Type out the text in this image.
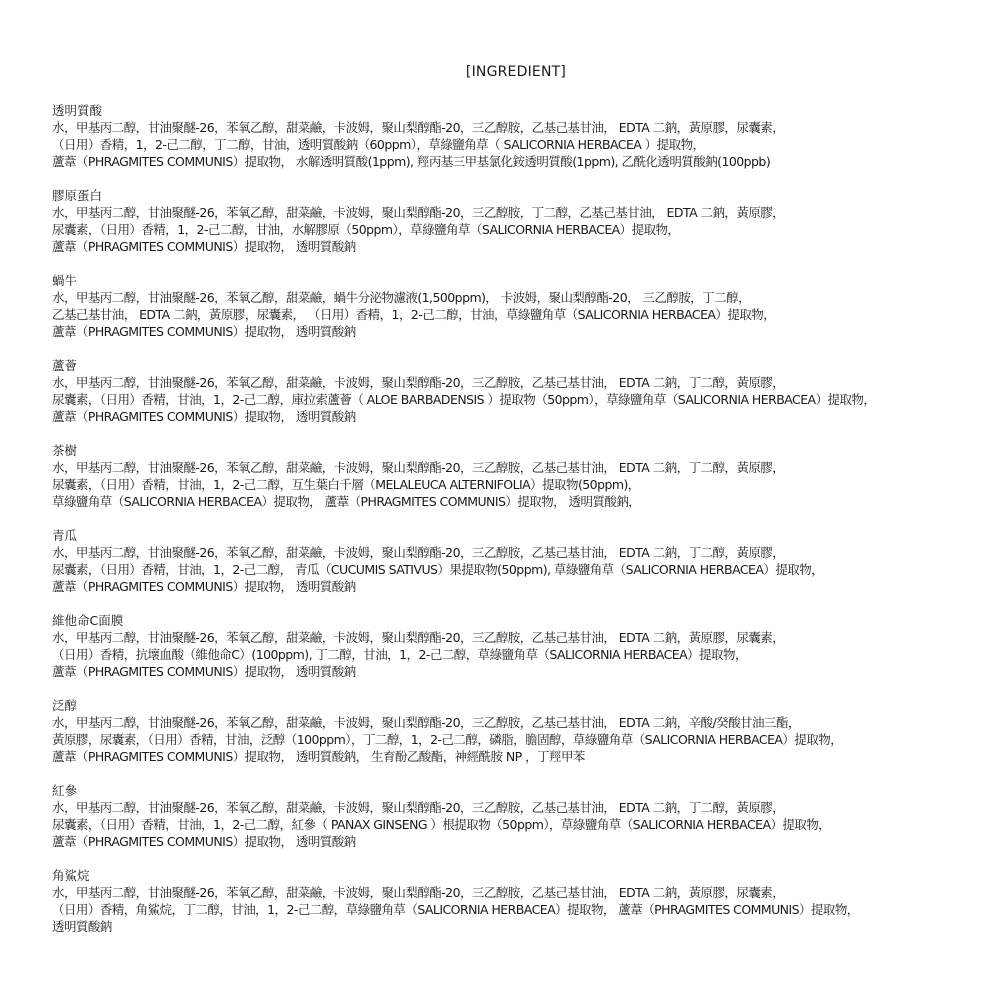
[INGREDIENT]
透明質酸
水，甲基丙二醇，甘油聚醚-26，苯氧乙醇，甜菜鹼，卡波姆，聚山梨醇酯-20，三乙醇胺，乙基己基甘油， EDTA 二鈉，黃原膠，尿囊素，
（日用）香精，1，2-己二醇，丁二醇，甘油，透明質酸鈉（60ppm），草綠鹽角草（ SALICORNIA HERBACEA ）提取物，
蘆葦（PHRAGMITES COMMUNIS）提取物， 水解透明質酸(1ppm), 羥丙基三甲基氯化銨透明質酸(1ppm), 乙酰化透明質酸鈉(100ppb)
膠原蛋白
水，甲基丙二醇，甘油聚醚-26，苯氧乙醇，甜菜鹼，卡波姆，聚山梨醇酯-20，三乙醇胺，丁二醇，乙基己基甘油， EDTA 二鈉，黃原膠，
尿囊素，（日用）香精，1，2-己二醇，甘油，水解膠原（50ppm），草綠鹽角草（SALICORNIA HERBACEA）提取物，
蘆葦（PHRAGMITES COMMUNIS）提取物， 透明質酸鈉
蝸牛
水，甲基丙二醇，甘油聚醚-26，苯氧乙醇，甜菜鹼，蝸牛分泌物濾液(1,500ppm)， 卡波姆，聚山梨醇酯-20， 三乙醇胺，丁二醇，
乙基己基甘油， EDTA 二鈉，黃原膠，尿囊素， （日用）香精，1，2-己二醇，甘油，草綠鹽角草（SALICORNIA HERBACEA）提取物，
蘆葦（PHRAGMITES COMMUNIS）提取物， 透明質酸鈉
蘆薈
水，甲基丙二醇，甘油聚醚-26，苯氧乙醇，甜菜鹼，卡波姆，聚山梨醇酯-20，三乙醇胺，乙基己基甘油， EDTA 二鈉，丁二醇，黃原膠，
尿囊素，（日用）香精，甘油，1，2-己二醇，庫拉索蘆薈（ ALOE BARBADENSIS ）提取物（50ppm），草綠鹽角草（SALICORNIA HERBACEA）提取物，
蘆葦（PHRAGMITES COMMUNIS）提取物， 透明質酸鈉
茶樹
水，甲基丙二醇，甘油聚醚-26，苯氧乙醇，甜菜鹼，卡波姆，聚山梨醇酯-20，三乙醇胺，乙基己基甘油， EDTA 二鈉，丁二醇，黃原膠，
尿囊素，（日用）香精，甘油，1，2-己二醇，互生葉白千層（MELALEUCA ALTERNIFOLIA）提取物(50ppm)，
草綠鹽角草（SALICORNIA HERBACEA）提取物， 蘆葦（PHRAGMITES COMMUNIS）提取物， 透明質酸鈉，
青瓜
水，甲基丙二醇，甘油聚醚-26，苯氧乙醇，甜菜鹼，卡波姆，聚山梨醇酯-20，三乙醇胺，乙基己基甘油， EDTA 二鈉，丁二醇，黃原膠，
尿囊素，（日用）香精，甘油，1，2-己二醇， 青瓜（CUCUMIS SATIVUS）果提取物(50ppm), 草綠鹽角草（SALICORNIA HERBACEA）提取物，
蘆葦（PHRAGMITES COMMUNIS）提取物， 透明質酸鈉
維他命C面膜
水，甲基丙二醇，甘油聚醚-26，苯氧乙醇，甜菜鹼，卡波姆，聚山梨醇酯-20，三乙醇胺，乙基己基甘油， EDTA 二鈉，黃原膠，尿囊素，
（日用）香精，抗壞血酸（維他命C）(100ppm), 丁二醇，甘油，1，2-己二醇，草綠鹽角草（SALICORNIA HERBACEA）提取物，
蘆葦（PHRAGMITES COMMUNIS）提取物， 透明質酸鈉
泛醇
水，甲基丙二醇，甘油聚醚-26，苯氧乙醇，甜菜鹼，卡波姆，聚山梨醇酯-20，三乙醇胺，乙基己基甘油， EDTA 二鈉，辛酸/癸酸甘油三酯，
黃原膠，尿囊素，（日用）香精，甘油，泛醇（100ppm），丁二醇，1，2-己二醇，磷脂，膽固醇，草綠鹽角草（SALICORNIA HERBACEA）提取物，
蘆葦（PHRAGMITES COMMUNIS）提取物， 透明質酸鈉， 生育酚乙酸酯，神經酰胺 NP ，丁羥甲苯
紅參
水，甲基丙二醇，甘油聚醚-26，苯氧乙醇，甜菜鹼，卡波姆，聚山梨醇酯-20，三乙醇胺，乙基己基甘油， EDTA 二鈉，丁二醇，黃原膠，
尿囊素，（日用）香精，甘油，1，2-己二醇，紅參（ PANAX GINSENG ）根提取物（50ppm），草綠鹽角草（SALICORNIA HERBACEA）提取物，
蘆葦（PHRAGMITES COMMUNIS）提取物， 透明質酸鈉
角鯊烷
水，甲基丙二醇，甘油聚醚-26，苯氧乙醇，甜菜鹼，卡波姆，聚山梨醇酯-20，三乙醇胺，乙基己基甘油， EDTA 二鈉，黃原膠，尿囊素，
（日用）香精，角鯊烷，丁二醇，甘油，1，2-己二醇，草綠鹽角草（SALICORNIA HERBACEA）提取物， 蘆葦（PHRAGMITES COMMUNIS）提取物，
透明質酸鈉
